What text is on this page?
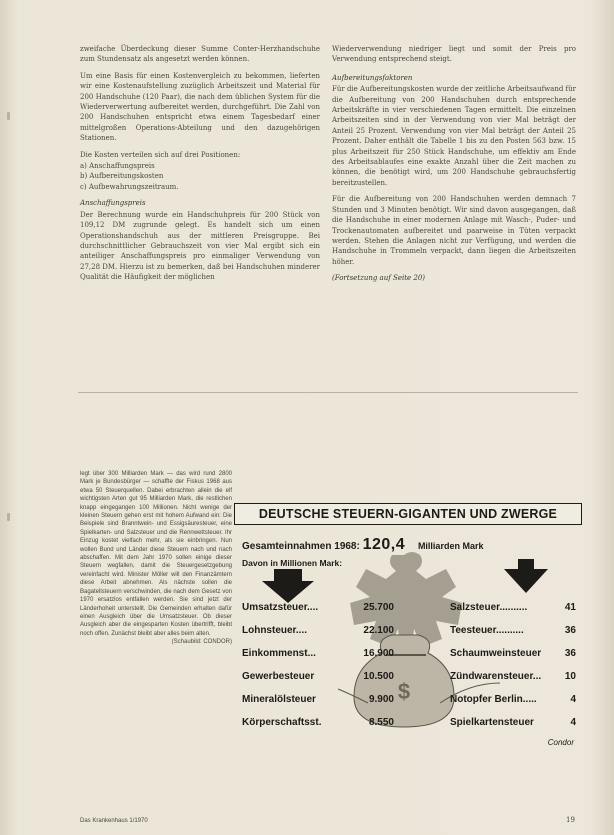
zweifache Überdeckung dieser Summe Conter-Herzhandschuhe zum Stundensatz als angesetzt werden können.

Um eine Basis für einen Kostenvergleich zu bekommen, lieferten wir eine Kostenaufstellung zuzüglich Arbeitszeit und Material für 200 Handschuhe (120 Paar), die nach dem üblichen System für die Wiederverwertung aufbereitet werden, durchgeführt. Die Zahl von 200 Handschuhen entspricht etwa einem Tagesbedarf einer mittelgroßen Operations-Abteilung und den dazugehörigen Stationen.

Die Kosten verteilen sich auf drei Positionen:

a) Anschaffungspreis
b) Aufbereitungskosten
c) Aufbewahrungszeitraum.
Anschaffungspreis

Der Berechnung wurde ein Handschuhpreis für 200 Stück von 109,12 DM zugrunde gelegt. Es handelt sich um einen Operationshandschuh aus der mittleren Preisgruppe. Bei durchschnittlicher Gebrauchszeit von vier Mal ergibt sich ein anteiliger Anschaffungspreis pro einmaliger Verwendung von 27,28 DM. Hierzu ist zu bemerken, daß bei Handschuhen minderer Qualität die Häufigkeit der möglichen

Wiederverwendung niedriger liegt und somit der Preis pro Verwendung entsprechend steigt.

Aufbereitungsfaktoren

Für die Aufbereitungskosten wurde der zeitliche Arbeitsaufwand für die Aufbereitung von 200 Handschuhen durch entsprechende Arbeitskräfte in vier verschiedenen Tagen ermittelt. Die einzelnen Arbeitszeiten sind in der Verwendung von vier Mal beträgt der Anteil 25 Prozent. Verwendung von vier Mal beträgt der Anteil 25 Prozent. Daher enthält die Tabelle 1 bis zu den Posten 563 bzw. 15 plus Arbeitszeit für 250 Stück Handschuhe, um effektiv am Ende des Arbeitsablaufes eine exakte Anzahl über die Zeit machen zu können, die benötigt wird, um 200 Handschuhe gebrauchsfertig bereitzustellen.

Für die Aufbereitung von 200 Handschuhen werden demnach 7 Stunden und 3 Minuten benötigt. Wir sind davon ausgegangen, daß die Handschuhe in einer modernen Anlage mit Wasch-, Puder- und Trockenautomaten aufbereitet und paarweise in Tüten verpackt werden. Stehen die Anlagen nicht zur Verfügung, und werden die Handschuhe in Trommeln verpackt, dann liegen die Arbeitszeiten höher.

(Fortsetzung auf Seite 20)

legt über 300 Milliarden Mark — das wird rund 2800 Mark je Bundesbürger — schaffte der Fiskus 1968 aus etwa 50 Steuerquellen. Dabei erbrachten allein die elf wichtigsten Arten gut 95 Milliarden Mark, die restlichen knapp eingegangen 100 Millionen. Nicht wenige der kleinen Steuern gehen erst mit hohem Aufwand ein: Die Beispiele sind Branntwein- und Essigsäuresteuer, eine Spielkarten- und Salzsteuer und die Rennwettsteuer. Ihr Einzug kostet vielfach mehr, als sie einbringen. Nun wollen Bund und Länder diese Steuern nach und nach abschaffen. Mit dem Jahr 1970 sollen einige dieser Steuern wegfallen, damit die Steuergesetzgebung vereinfacht wird. Minister Möller will den Finanzämtern diese Arbeit abnehmen. Als nächste sollen die Bagatellsteuern verschwinden, die nach dem Gesetz von 1970 ersatzlos entfallen werden. Sie sind jetzt der Länderhoheit unterstellt. Die Gemeinden erhalten dafür einen Ausgleich über die Umsatzsteuer. Ob dieser Ausgleich aber die eingesparten Kosten übertrifft, bleibt noch offen. Zunächst bleibt aber alles beim alten.
(Schaubild: CONDOR)
$
DEUTSCHE STEUERN-GIGANTEN UND ZWERGE
Gesamteinnahmen 1968: 120,4 Milliarden Mark
Davon in Millionen Mark:
Umsatzsteuer....	25.700
Lohnsteuer....	22.100
Einkommenst...	16.900
Gewerbesteuer	10.500
Mineralölsteuer	9.900
Körperschaftsst.	8.550
Salzsteuer..........	41
Teesteuer..........	36
Schaumweinsteuer 36
Zündwarensteuer... 10
Notopfer Berlin.....	4
Spielkartensteuer	4
Condor
Das Krankenhaus 1/1970	19
